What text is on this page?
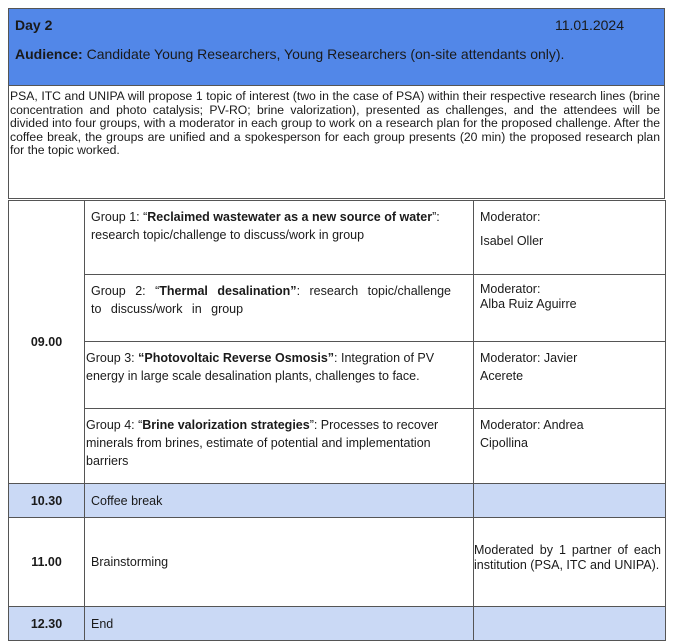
Day 2	11.01.2024
Audience: Candidate Young Researchers, Young Researchers (on-site attendants only).
PSA, ITC and UNIPA will propose 1 topic of interest (two in the case of PSA) within their respective research lines (brine concentration and photo catalysis; PV-RO; brine valorization), presented as challenges, and the attendees will be divided into four groups, with a moderator in each group to work on a research plan for the proposed challenge. After the coffee break, the groups are unified and a spokesperson for each group presents (20 min) the proposed research plan for the topic worked.
09.00	Group 1: “Reclaimed wastewater as a new source of water”: research topic/challenge to discuss/work in group	Moderator:
Isabel Oller

	Group 2: “Thermal desalination”: research topic/challenge to discuss/work in group	Moderator:
Alba Ruiz Aguirre

	Group 3: “Photovoltaic Reverse Osmosis”: Integration of PV energy in large scale desalination plants, challenges to face.	Moderator: Javier
Acerete

	Group 4: “Brine valorization strategies”: Processes to recover minerals from brines, estimate of potential and implementation barriers	Moderator: Andrea
Cipollina

10.30	Coffee break	

11.00	Brainstorming	Moderated by 1 partner of each institution (PSA, ITC and UNIPA).

12.30	End	
